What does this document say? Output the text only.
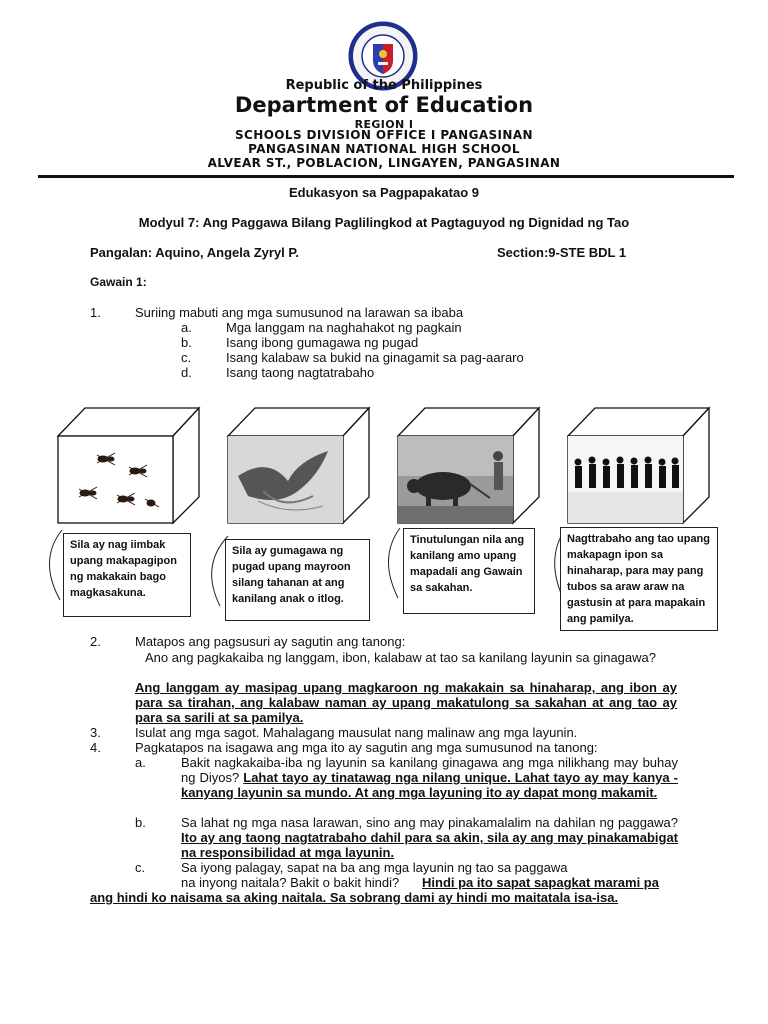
Republic of the Philippines
Department of Education
REGION I
SCHOOLS DIVISION OFFICE I PANGASINAN
PANGASINAN NATIONAL HIGH SCHOOL
ALVEAR ST., POBLACION, LINGAYEN, PANGASINAN
Edukasyon sa Pagpapakatao 9
Modyul 7: Ang Paggawa Bilang Paglilingkod at Pagtaguyod ng Dignidad ng Tao
Pangalan: Aquino, Angela Zyryl P.	Section:9-STE BDL 1
Gawain 1:
1.	Suriing mabuti ang mga sumusunod na larawan sa ibaba
a.	Mga langgam na naghahakot ng pagkain
b.	Isang ibong gumagawa ng pugad
c.	Isang kalabaw sa bukid na ginagamit sa pag-aararo
d.	Isang taong nagtatrabaho
Sila ay nag iimbak upang makapagipon ng makakain bago magkasakuna.
Sila ay gumagawa ng pugad upang mayroon silang tahanan at ang kanilang anak o itlog.
Tinutulungan nila ang kanilang amo upang mapadali ang Gawain sa sakahan.
Nagttrabaho ang tao upang makapagn ipon sa hinaharap, para may pang tubos sa araw araw na gastusin at para mapakain ang pamilya.
2.	Matapos ang pagsusuri ay sagutin ang tanong:
Ano ang pagkakaiba ng langgam, ibon, kalabaw at tao sa kanilang layunin sa ginagawa?
Ang langgam ay masipag upang magkaroon ng makakain sa hinaharap, ang ibon ay para sa tirahan, ang kalabaw naman ay upang makatulong sa sakahan at ang tao ay para sa sarili at sa pamilya.
3.	Isulat ang mga sagot. Mahalagang mausulat nang malinaw ang mga layunin.
4.	Pagkatapos na isagawa ang mga ito ay sagutin ang mga sumusunod na tanong:
a.	Bakit nagkakaiba-iba ng layunin sa kanilang ginagawa ang mga nilikhang may buhay ng Diyos? Lahat tayo ay tinatawag nga nilang unique. Lahat tayo ay may kanya -kanyang layunin sa mundo. At ang mga layuning ito ay dapat mong makamit.
b.	Sa lahat ng mga nasa larawan, sino ang may pinakamalalim na dahilan ng paggawa? Ito ay ang taong nagtatrabaho dahil para sa akin, sila ay ang may pinakamabigat na responsibilidad at mga layunin.
c.	Sa iyong palagay, sapat na ba ang mga layunin ng tao sa paggawa
na inyong naitala? Bakit o bakit hindi? Hindi pa ito sapat sapagkat marami pa
ang hindi ko naisama sa aking naitala. Sa sobrang dami ay hindi mo maitatala isa-isa.
